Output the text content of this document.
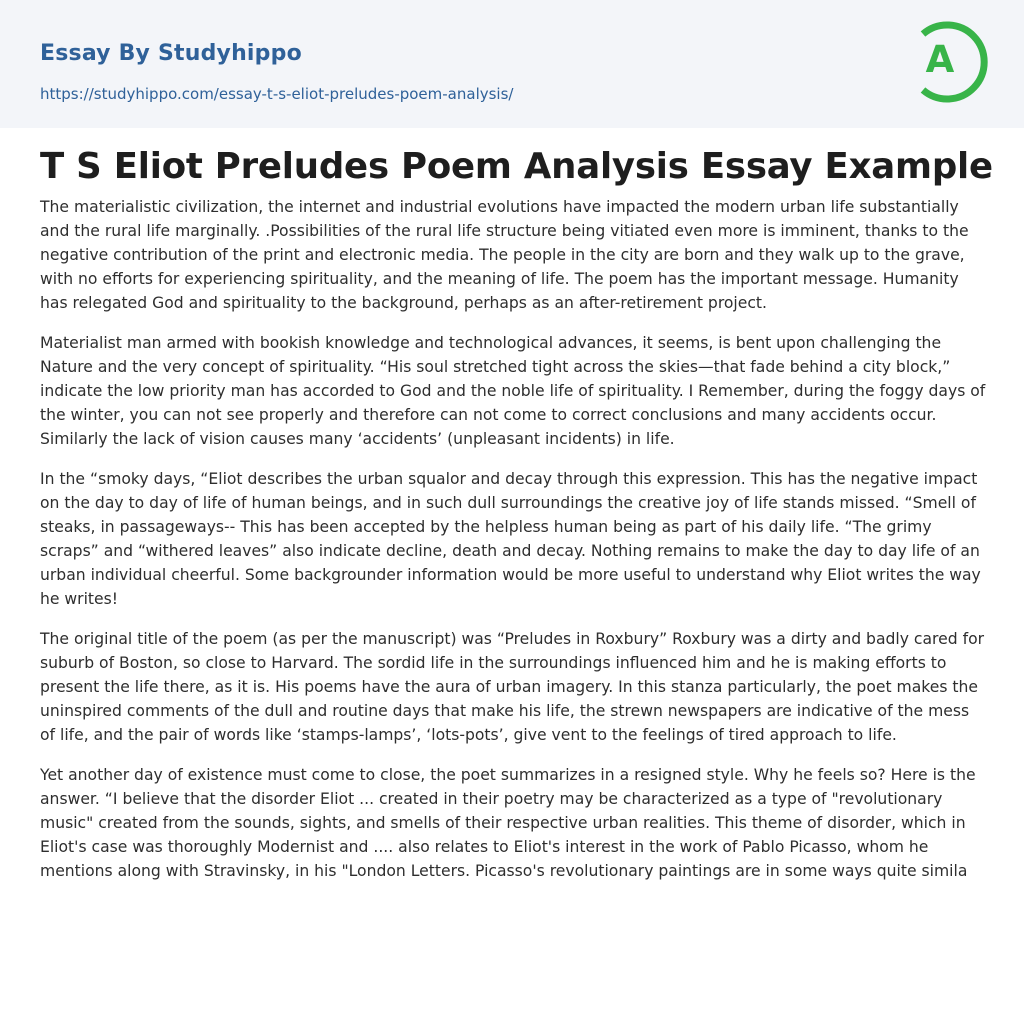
Essay By Studyhippo
https://studyhippo.com/essay-t-s-eliot-preludes-poem-analysis/
A
T S Eliot Preludes Poem Analysis Essay Example

The materialistic civilization, the internet and industrial evolutions have impacted the modern urban life substantially and the rural life marginally. .Possibilities of the rural life structure being vitiated even more is imminent, thanks to the negative contribution of the print and electronic media. The people in the city are born and they walk up to the grave, with no efforts for experiencing spirituality, and the meaning of life. The poem has the important message. Humanity has relegated God and spirituality to the background, perhaps as an after-retirement project.

Materialist man armed with bookish knowledge and technological advances, it seems, is bent upon challenging the Nature and the very concept of spirituality. “His soul stretched tight across the skies—that fade behind a city block,” indicate the low priority man has accorded to God and the noble life of spirituality. I Remember, during the foggy days of the winter, you can not see properly and therefore can not come to correct conclusions and many accidents occur. Similarly the lack of vision causes many ‘accidents’ (unpleasant incidents) in life.

In the “smoky days, “Eliot describes the urban squalor and decay through this expression. This has the negative impact on the day to day of life of human beings, and in such dull surroundings the creative joy of life stands missed. “Smell of steaks, in passageways-- This has been accepted by the helpless human being as part of his daily life. “The grimy scraps” and “withered leaves” also indicate decline, death and decay. Nothing remains to make the day to day life of an urban individual cheerful. Some backgrounder information would be more useful to understand why Eliot writes the way he writes!

The original title of the poem (as per the manuscript) was “Preludes in Roxbury” Roxbury was a dirty and badly cared for suburb of Boston, so close to Harvard. The sordid life in the surroundings influenced him and he is making efforts to present the life there, as it is. His poems have the aura of urban imagery. In this stanza particularly, the poet makes the uninspired comments of the dull and routine days that make his life, the strewn newspapers are indicative of the mess of life, and the pair of words like ‘stamps-lamps’, ‘lots-pots’, give vent to the feelings of tired approach to life.

Yet another day of existence must come to close, the poet summarizes in a resigned style. Why he feels so? Here is the answer. “I believe that the disorder Eliot ... created in their poetry may be characterized as a type of "revolutionary music" created from the sounds, sights, and smells of their respective urban realities. This theme of disorder, which in Eliot's case was thoroughly Modernist and .... also relates to Eliot's interest in the work of Pablo Picasso, whom he mentions along with Stravinsky, in his "London Letters. Picasso's revolutionary paintings are in some ways quite simila
